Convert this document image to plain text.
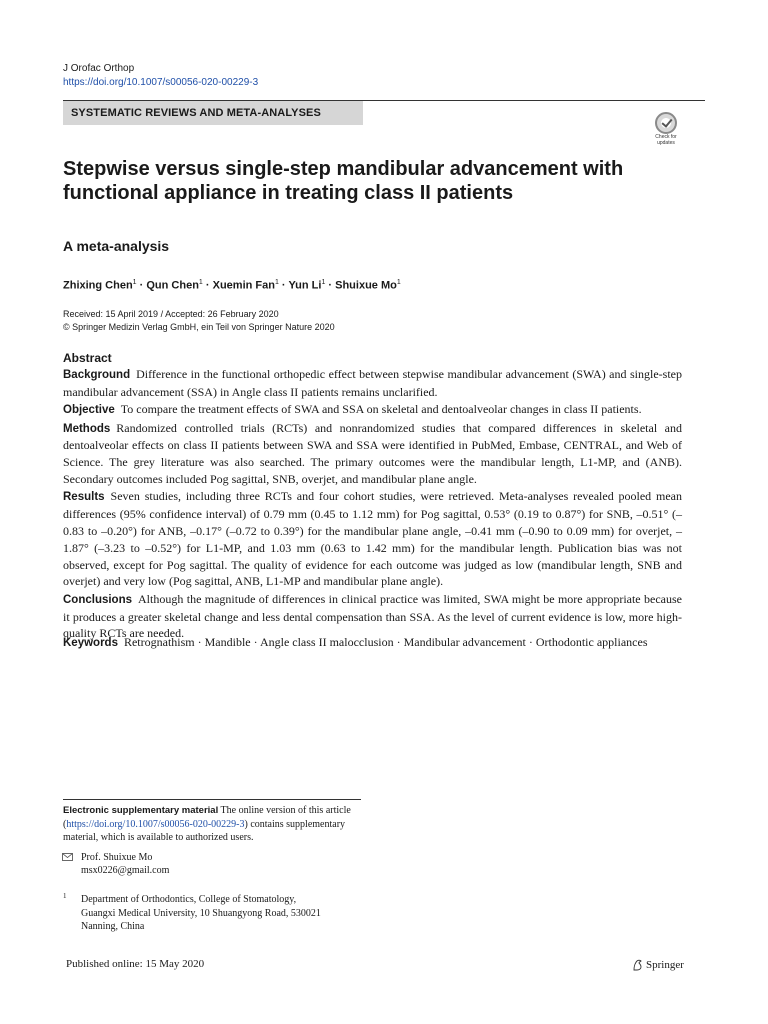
J Orofac Orthop
https://doi.org/10.1007/s00056-020-00229-3
SYSTEMATIC REVIEWS AND META-ANALYSES
Check for updates
Stepwise versus single-step mandibular advancement with functional appliance in treating class II patients
A meta-analysis
Zhixing Chen$^1$ · Qun Chen$^1$ · Xuemin Fan$^1$ · Yun $Li^1$ · Shuixue Mo$^1$
Received: 15 April 2019 / Accepted: 26 February 2020
© Springer Medizin Verlag GmbH, ein Teil von Springer Nature 2020
Abstract

Background Difference in the functional orthopedic effect between stepwise mandibular advancement (SWA) and single-step mandibular advancement (SSA) in Angle class II patients remains unclarified.

Objective To compare the treatment effects of SWA and SSA on skeletal and dentoalveolar changes in class II patients.

Methods Randomized controlled trials (RCTs) and nonrandomized studies that compared differences in skeletal and dentoalveolar effects on class II patients between SWA and SSA were identified in PubMed, Embase, CENTRAL, and Web of Science. The grey literature was also searched. The primary outcomes were the mandibular length, L1-MP, and (ANB). Secondary outcomes included Pog sagittal, SNB, overjet, and mandibular plane angle.

Results Seven studies, including three RCTs and four cohort studies, were retrieved. Meta-analyses revealed pooled mean differences (95% confidence interval) of 0.79 mm (0.45 to 1.12 mm) for Pog sagittal, 0.53° (0.19 to 0.87°) for SNB, –0.51° (–0.83 to –0.20°) for ANB, –0.17° (–0.72 to 0.39°) for the mandibular plane angle, –0.41 mm (–0.90 to 0.09 mm) for overjet, –1.87° (–3.23 to –0.52°) for L1-MP, and 1.03 mm (0.63 to 1.42 mm) for the mandibular length. Publication bias was not observed, except for Pog sagittal. The quality of evidence for each outcome was judged as low (mandibular length, SNB and overjet) and very low (Pog sagittal, ANB, L1-MP and mandibular plane angle).

Conclusions Although the magnitude of differences in clinical practice was limited, SWA might be more appropriate because it produces a greater skeletal change and less dental compensation than SSA. As the level of current evidence is low, more high-quality RCTs are needed.

Keywords Retrognathism · Mandible · Angle class II malocclusion · Mandibular advancement · Orthodontic appliances
Electronic supplementary material The online version of this article (https://doi.org/10.1007/s00056-020-00229-3) contains supplementary material, which is available to authorized users.
Prof. Shuixue Mo
msx0226@gmail.com
1 Department of Orthodontics, College of Stomatology, Guangxi Medical University, 10 Shuangyong Road, 530021 Nanning, China
Published online: 15 May 2020	Springer
